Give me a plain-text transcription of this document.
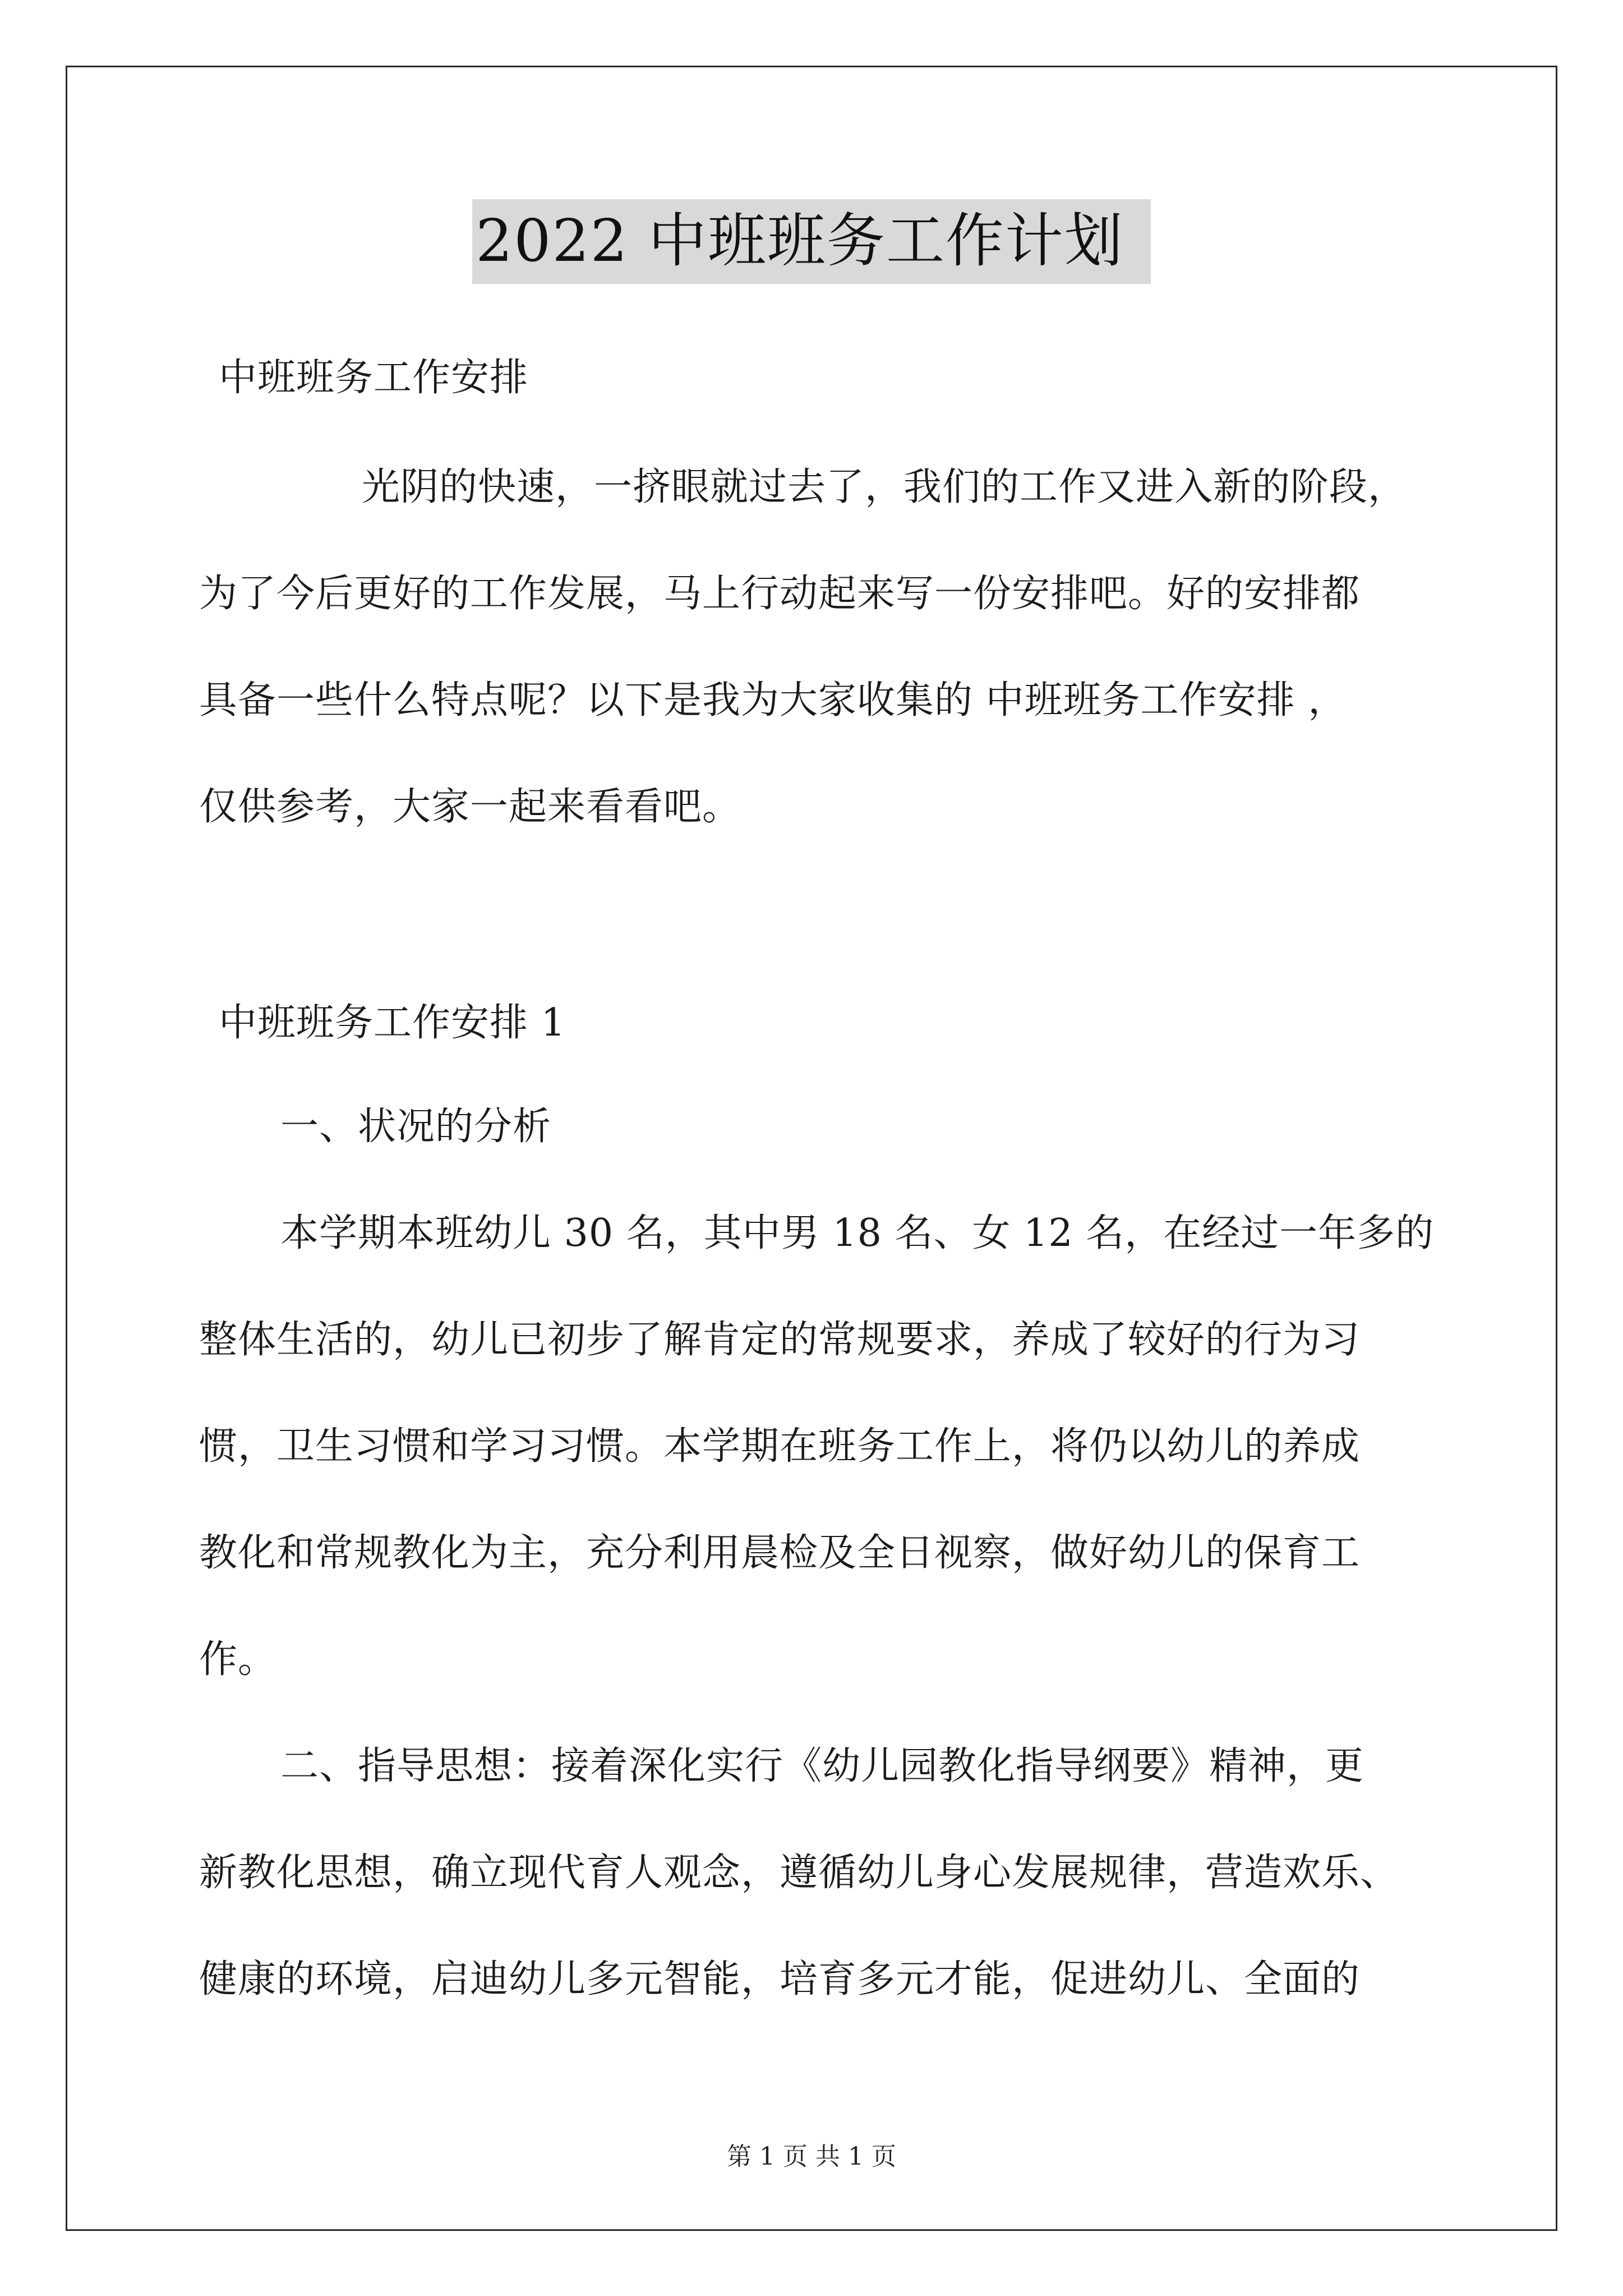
2022 中班班务工作计划
中班班务工作安排
光阴的快速，一挤眼就过去了，我们的工作又进入新的阶段，
为了今后更好的工作发展，马上行动起来写一份安排吧。好的安排都
具备一些什么特点呢？以下是我为大家收集的 中班班务工作安排 ，
仅供参考，大家一起来看看吧。
中班班务工作安排 1
一、状况的分析
本学期本班幼儿 30 名，其中男 18 名、女 12 名，在经过一年多的
整体生活的，幼儿已初步了解肯定的常规要求，养成了较好的行为习
惯，卫生习惯和学习习惯。本学期在班务工作上，将仍以幼儿的养成
教化和常规教化为主，充分利用晨检及全日视察，做好幼儿的保育工
作。
二、指导思想：接着深化实行《幼儿园教化指导纲要》精神，更
新教化思想，确立现代育人观念，遵循幼儿身心发展规律，营造欢乐、
健康的环境，启迪幼儿多元智能，培育多元才能，促进幼儿、全面的
第 1 页 共 1 页
